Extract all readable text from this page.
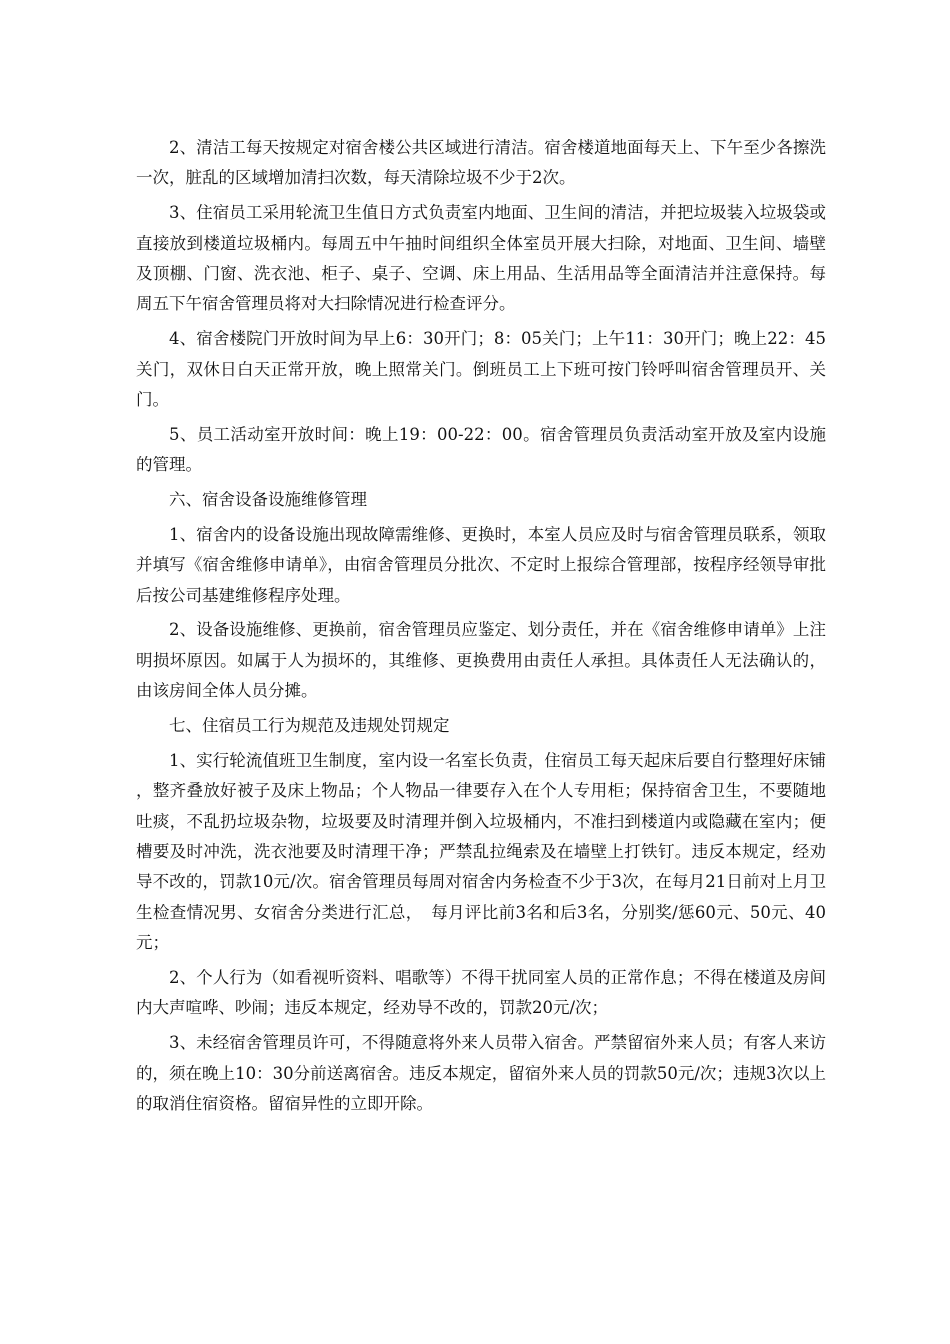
2、清洁工每天按规定对宿舍楼公共区域进行清洁。宿舍楼道地面每天上、下午至少各擦洗一次，脏乱的区域增加清扫次数，每天清除垃圾不少于2次。

3、住宿员工采用轮流卫生值日方式负责室内地面、卫生间的清洁，并把垃圾装入垃圾袋或直接放到楼道垃圾桶内。每周五中午抽时间组织全体室员开展大扫除，对地面、卫生间、墙壁及顶棚、门窗、洗衣池、柜子、桌子、空调、床上用品、生活用品等全面清洁并注意保持。每周五下午宿舍管理员将对大扫除情况进行检查评分。

4、宿舍楼院门开放时间为早上6：30开门；8：05关门；上午11：30开门；晚上22：45关门，双休日白天正常开放，晚上照常关门。倒班员工上下班可按门铃呼叫宿舍管理员开、关门。

5、员工活动室开放时间：晚上19：00-22：00。宿舍管理员负责活动室开放及室内设施的管理。

六、宿舍设备设施维修管理

1、宿舍内的设备设施出现故障需维修、更换时，本室人员应及时与宿舍管理员联系，领取并填写《宿舍维修申请单》，由宿舍管理员分批次、不定时上报综合管理部，按程序经领导审批后按公司基建维修程序处理。

2、设备设施维修、更换前，宿舍管理员应鉴定、划分责任，并在《宿舍维修申请单》上注明损坏原因。如属于人为损坏的，其维修、更换费用由责任人承担。具体责任人无法确认的，由该房间全体人员分摊。

七、住宿员工行为规范及违规处罚规定

1、实行轮流值班卫生制度，室内设一名室长负责，住宿员工每天起床后要自行整理好床铺，整齐叠放好被子及床上物品；个人物品一律要存入在个人专用柜；保持宿舍卫生，不要随地吐痰，不乱扔垃圾杂物，垃圾要及时清理并倒入垃圾桶内，不准扫到楼道内或隐藏在室内；便槽要及时冲洗，洗衣池要及时清理干净；严禁乱拉绳索及在墙壁上打铁钉。违反本规定，经劝导不改的，罚款10元/次。宿舍管理员每周对宿舍内务检查不少于3次，在每月21日前对上月卫生检查情况男、女宿舍分类进行汇总，　每月评比前3名和后3名，分别奖/惩60元、50元、40元；

2、个人行为（如看视听资料、唱歌等）不得干扰同室人员的正常作息；不得在楼道及房间内大声喧哗、吵闹；违反本规定，经劝导不改的，罚款20元/次；

3、未经宿舍管理员许可，不得随意将外来人员带入宿舍。严禁留宿外来人员；有客人来访的，须在晚上10：30分前送离宿舍。违反本规定，留宿外来人员的罚款50元/次；违规3次以上的取消住宿资格。留宿异性的立即开除。
